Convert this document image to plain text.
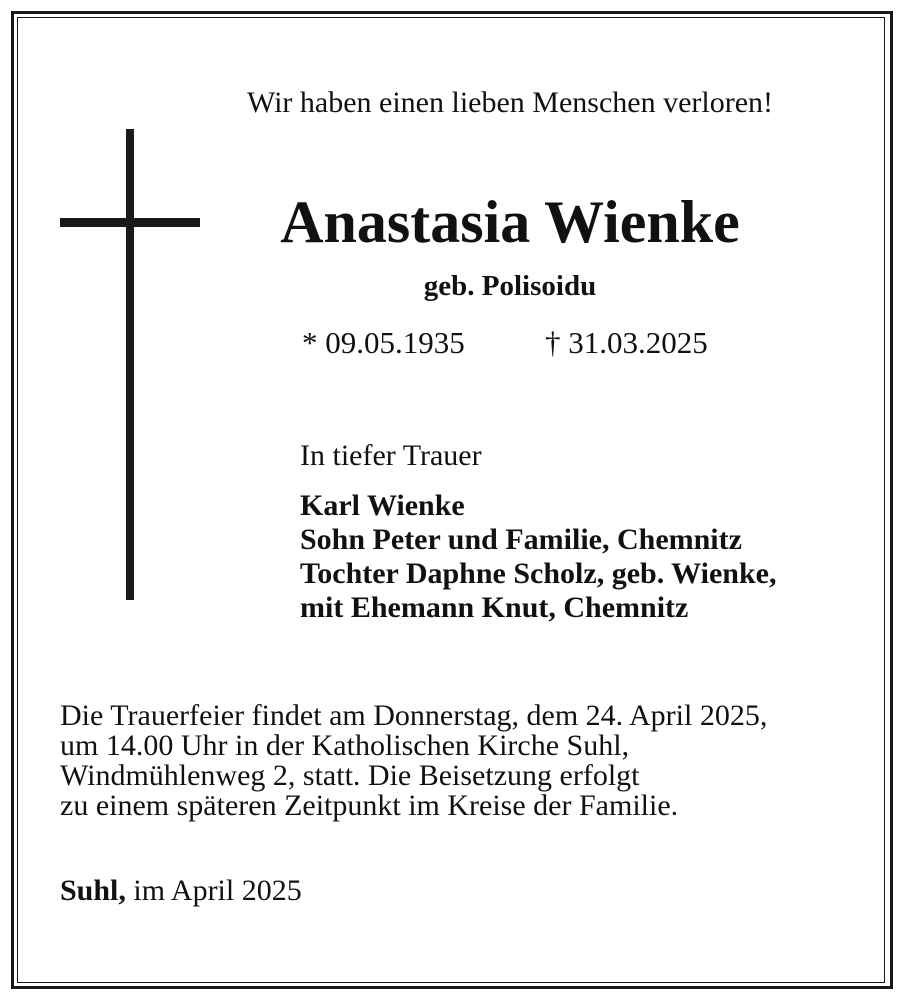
Wir haben einen lieben Menschen verloren!
Anastasia Wienke
geb. Polisoidu
* 09.05.1935	† 31.03.2025
In tiefer Trauer
Karl Wienke
Sohn Peter und Familie, Chemnitz
Tochter Daphne Scholz, geb. Wienke,
mit Ehemann Knut, Chemnitz
Die Trauerfeier findet am Donnerstag, dem 24. April 2025,
um 14.00 Uhr in der Katholischen Kirche Suhl,
Windmühlenweg 2, statt. Die Beisetzung erfolgt
zu einem späteren Zeitpunkt im Kreise der Familie.
Suhl, im April 2025
